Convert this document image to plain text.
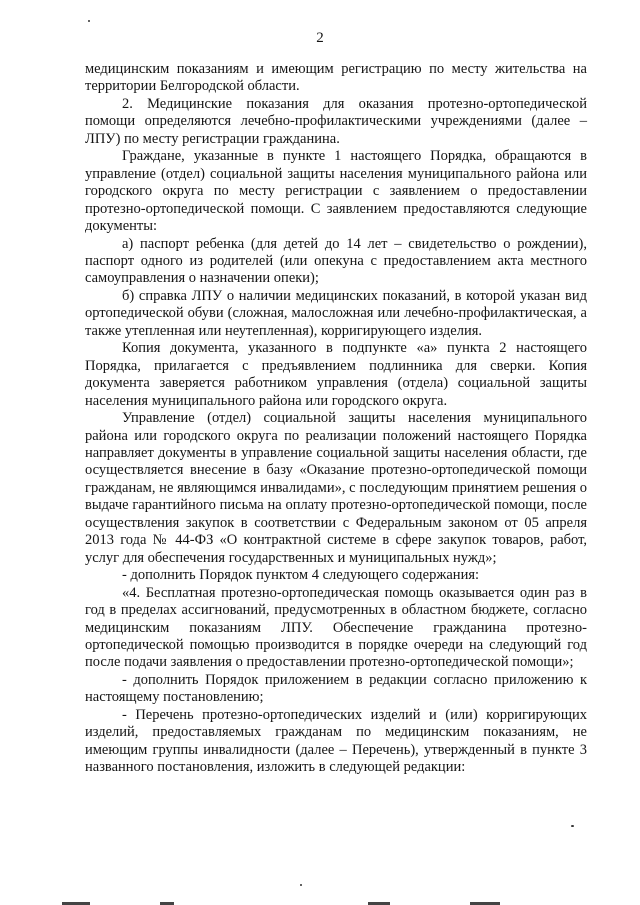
2

медицинским показаниям и имеющим регистрацию по месту жительства на территории Белгородской области.

2. Медицинские показания для оказания протезно-ортопедической помощи определяются лечебно-профилактическими учреждениями (далее – ЛПУ) по месту регистрации гражданина.

Граждане, указанные в пункте 1 настоящего Порядка, обращаются в управление (отдел) социальной защиты населения муниципального района или городского округа по месту регистрации с заявлением о предоставлении протезно-ортопедической помощи. С заявлением предоставляются следующие документы:

а) паспорт ребенка (для детей до 14 лет – свидетельство о рождении), паспорт одного из родителей (или опекуна с предоставлением акта местного самоуправления о назначении опеки);

б) справка ЛПУ о наличии медицинских показаний, в которой указан вид ортопедической обуви (сложная, малосложная или лечебно-профилактическая, а также утепленная или неутепленная), корригирующего изделия.

Копия документа, указанного в подпункте «а» пункта 2 настоящего Порядка, прилагается с предъявлением подлинника для сверки. Копия документа заверяется работником управления (отдела) социальной защиты населения муниципального района или городского округа.

Управление (отдел) социальной защиты населения муниципального района или городского округа по реализации положений настоящего Порядка направляет документы в управление социальной защиты населения области, где осуществляется внесение в базу «Оказание протезно-ортопедической помощи гражданам, не являющимся инвалидами», с последующим принятием решения о выдаче гарантийного письма на оплату протезно-ортопедической помощи, после осуществления закупок в соответствии с Федеральным законом от 05 апреля 2013 года № 44-ФЗ «О контрактной системе в сфере закупок товаров, работ, услуг для обеспечения государственных и муниципальных нужд»;

- дополнить Порядок пунктом 4 следующего содержания:

«4. Бесплатная протезно-ортопедическая помощь оказывается один раз в год в пределах ассигнований, предусмотренных в областном бюджете, согласно медицинским показаниям ЛПУ. Обеспечение гражданина протезно-ортопедической помощью производится в порядке очереди на следующий год после подачи заявления о предоставлении протезно-ортопедической помощи»;

- дополнить Порядок приложением в редакции согласно приложению к настоящему постановлению;

- Перечень протезно-ортопедических изделий и (или) корригирующих изделий, предоставляемых гражданам по медицинским показаниям, не имеющим группы инвалидности (далее – Перечень), утвержденный в пункте 3 названного постановления, изложить в следующей редакции:
